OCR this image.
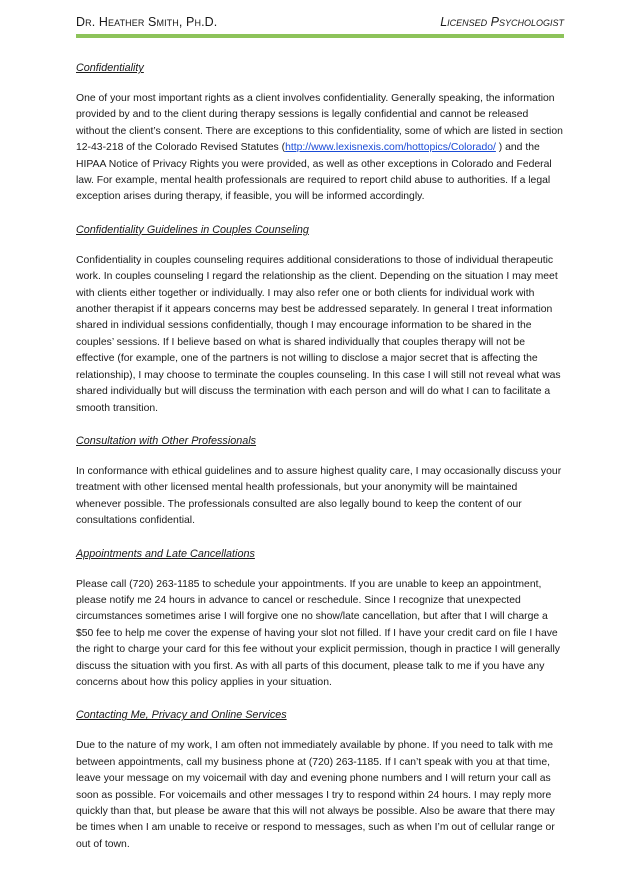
Dr. Heather Smith, Ph.D.	Licensed Psychologist
Confidentiality

One of your most important rights as a client involves confidentiality. Generally speaking, the information provided by and to the client during therapy sessions is legally confidential and cannot be released without the client’s consent. There are exceptions to this confidentiality, some of which are listed in section 12-43-218 of the Colorado Revised Statutes (http://www.lexisnexis.com/hottopics/Colorado/ ) and the HIPAA Notice of Privacy Rights you were provided, as well as other exceptions in Colorado and Federal law. For example, mental health professionals are required to report child abuse to authorities. If a legal exception arises during therapy, if feasible, you will be informed accordingly.

Confidentiality Guidelines in Couples Counseling

Confidentiality in couples counseling requires additional considerations to those of individual therapeutic work. In couples counseling I regard the relationship as the client. Depending on the situation I may meet with clients either together or individually. I may also refer one or both clients for individual work with another therapist if it appears concerns may best be addressed separately. In general I treat information shared in individual sessions confidentially, though I may encourage information to be shared in the couples’ sessions. If I believe based on what is shared individually that couples therapy will not be effective (for example, one of the partners is not willing to disclose a major secret that is affecting the relationship), I may choose to terminate the couples counseling. In this case I will still not reveal what was shared individually but will discuss the termination with each person and will do what I can to facilitate a smooth transition.

Consultation with Other Professionals

In conformance with ethical guidelines and to assure highest quality care, I may occasionally discuss your treatment with other licensed mental health professionals, but your anonymity will be maintained whenever possible. The professionals consulted are also legally bound to keep the content of our consultations confidential.

Appointments and Late Cancellations

Please call (720) 263-1185 to schedule your appointments. If you are unable to keep an appointment, please notify me 24 hours in advance to cancel or reschedule. Since I recognize that unexpected circumstances sometimes arise I will forgive one no show/late cancellation, but after that I will charge a $50 fee to help me cover the expense of having your slot not filled. If I have your credit card on file I have the right to charge your card for this fee without your explicit permission, though in practice I will generally discuss the situation with you first. As with all parts of this document, please talk to me if you have any concerns about how this policy applies in your situation.

Contacting Me, Privacy and Online Services

Due to the nature of my work, I am often not immediately available by phone. If you need to talk with me between appointments, call my business phone at (720) 263-1185. If I can’t speak with you at that time, leave your message on my voicemail with day and evening phone numbers and I will return your call as soon as possible. For voicemails and other messages I try to respond within 24 hours. I may reply more quickly than that, but please be aware that this will not always be possible. Also be aware that there may be times when I am unable to receive or respond to messages, such as when I’m out of cellular range or out of town.
